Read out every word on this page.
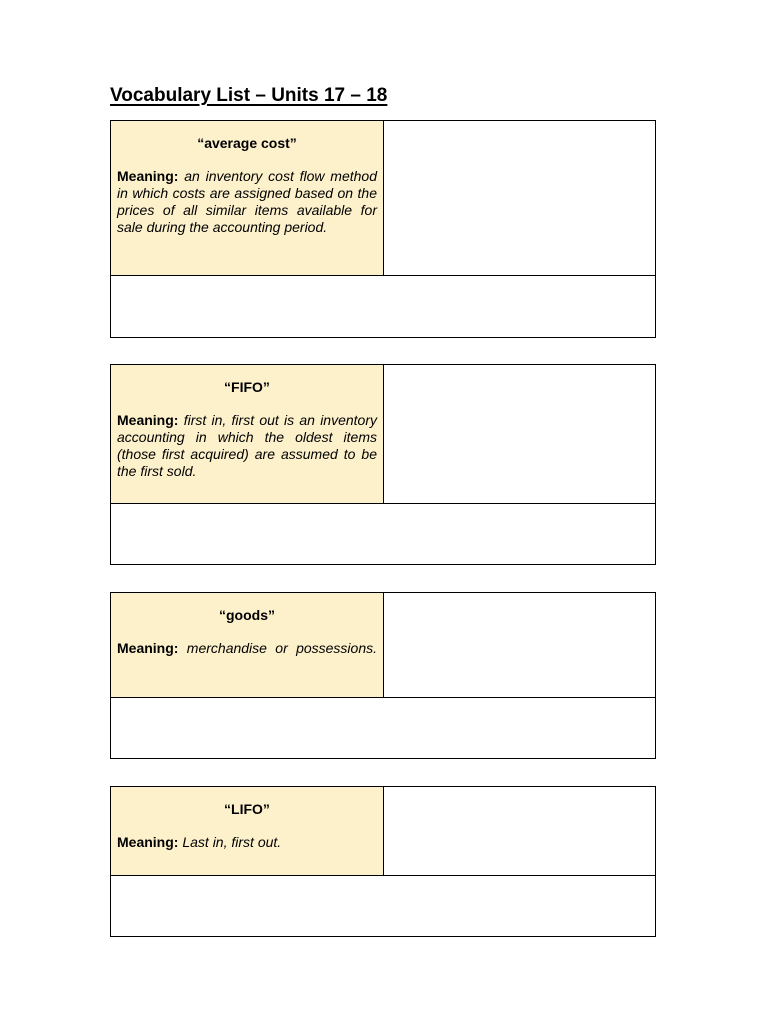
Vocabulary List – Units 17 – 18

“average cost”

Meaning: an inventory cost flow method in which costs are assigned based on the prices of all similar items available for sale during the accounting period.

“FIFO”

Meaning: first in, first out is an inventory accounting in which the oldest items (those first acquired) are assumed to be the first sold.

“goods”

Meaning: merchandise or possessions.

“LIFO”

Meaning: Last in, first out.
